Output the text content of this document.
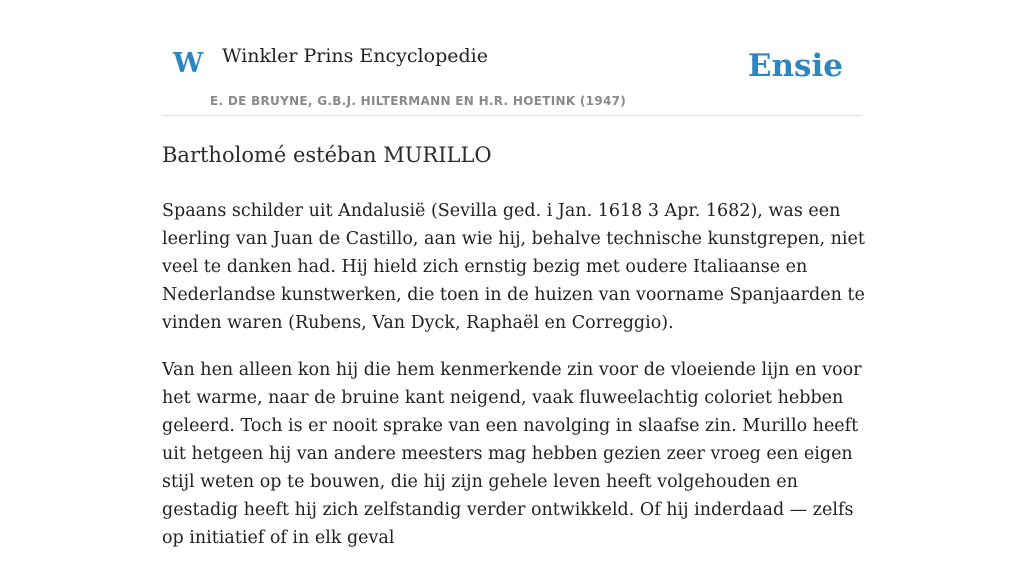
W Winkler Prins Encyclopedie
E. DE BRUYNE, G.B.J. HILTERMANN EN H.R. HOETINK (1947)
Ensie
Bartholomé estéban MURILLO

Spaans schilder uit Andalusië (Sevilla ged. i Jan. 1618 3 Apr. 1682), was een leerling van Juan de Castillo, aan wie hij, behalve technische kunstgrepen, niet veel te danken had. Hij hield zich ernstig bezig met oudere Italiaanse en Nederlandse kunstwerken, die toen in de huizen van voorname Spanjaarden te vinden waren (Rubens, Van Dyck, Raphaël en Correggio).

Van hen alleen kon hij die hem kenmerkende zin voor de vloeiende lijn en voor het warme, naar de bruine kant neigend, vaak fluweelachtig coloriet hebben geleerd. Toch is er nooit sprake van een navolging in slaafse zin. Murillo heeft uit hetgeen hij van andere meesters mag hebben gezien zeer vroeg een eigen stijl weten op te bouwen, die hij zijn gehele leven heeft volgehouden en gestadig heeft hij zich zelfstandig verder ontwikkeld. Of hij inderdaad — zelfs op initiatief of in elk geval
